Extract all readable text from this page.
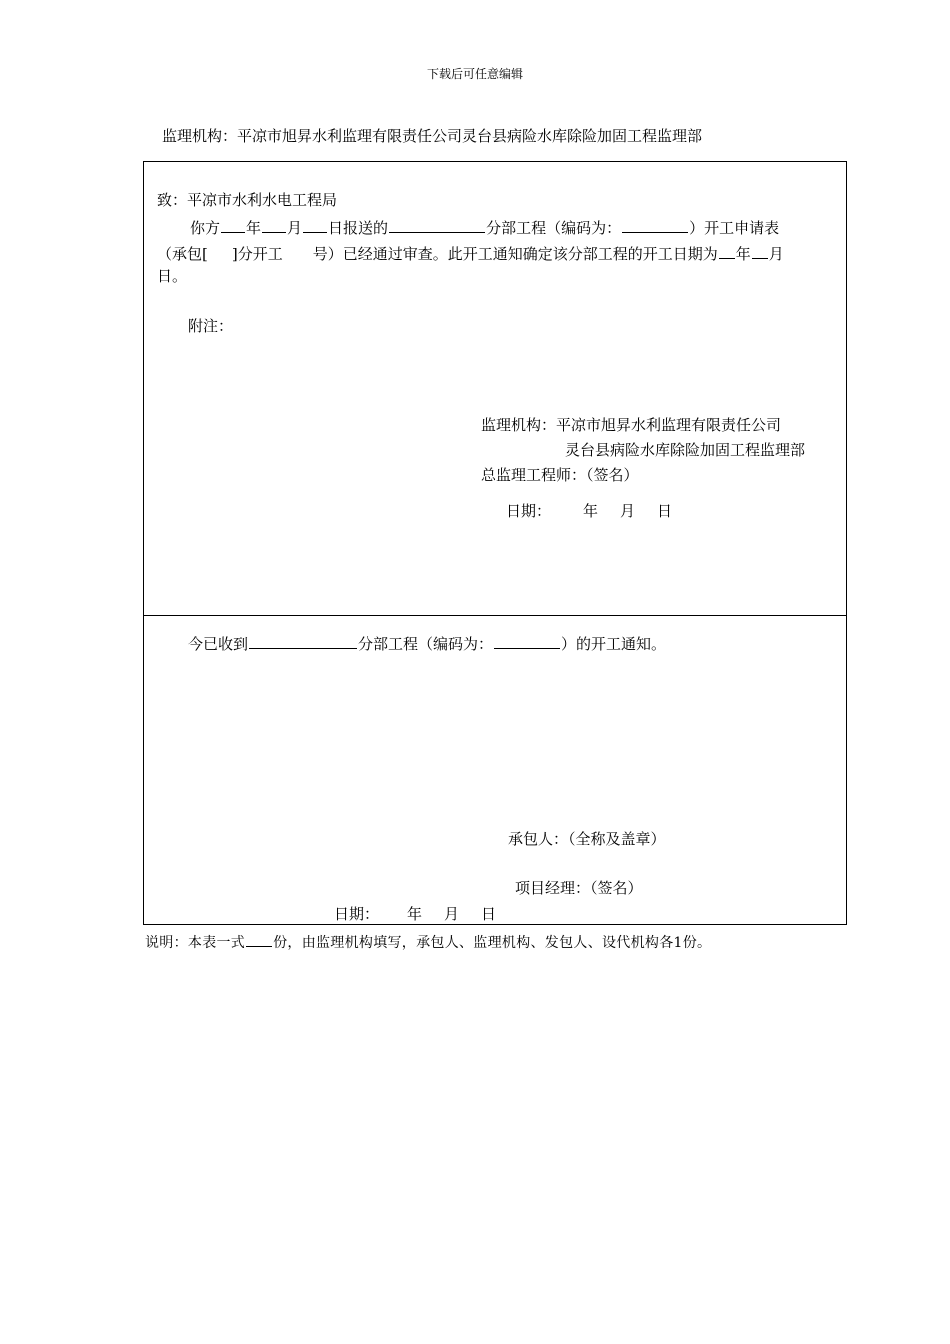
下载后可任意编辑
监理机构：平凉市旭昇水利监理有限责任公司灵台县病险水库除险加固工程监理部
致：平凉市水利水电工程局
你方 年 月 日报送的	分部工程（编码为：	）开工申请表
（承包[ ]分开工 号）已经通过审查。此开工通知确定该分部工程的开工日期为 年 月
日。
附注：
监理机构：平凉市旭昇水利监理有限责任公司
灵台县病险水库除险加固工程监理部
总监理工程师：（签名）
日期： 年 月 日
今已收到	分部工程（编码为：	）的开工通知。
承包人：（全称及盖章）
项目经理：（签名）
日期： 年 月 日
说明：本表一式 份，由监理机构填写，承包人、监理机构、发包人、设代机构各1份。
